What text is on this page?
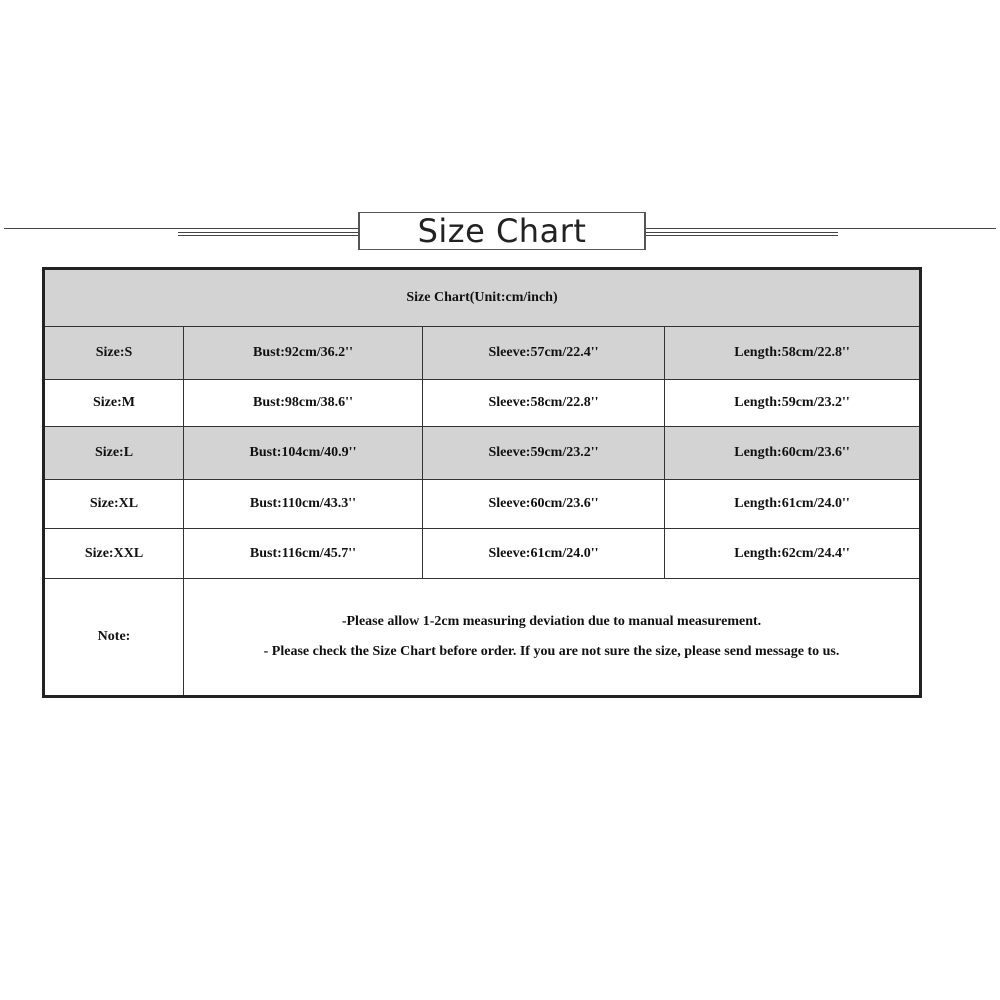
Size Chart
Size Chart(Unit:cm/inch)			
Size:S	Bust:92cm/36.2''	Sleeve:57cm/22.4''	Length:58cm/22.8''
Size:M	Bust:98cm/38.6''	Sleeve:58cm/22.8''	Length:59cm/23.2''
Size:L	Bust:104cm/40.9''	Sleeve:59cm/23.2''	Length:60cm/23.6''
Size:XL	Bust:110cm/43.3''	Sleeve:60cm/23.6''	Length:61cm/24.0''
Size:XXL	Bust:116cm/45.7''	Sleeve:61cm/24.0''	Length:62cm/24.4''
Note:	-Please allow 1-2cm measuring deviation due to manual measurement.
- Please check the Size Chart before order. If you are not sure the size, please send message to us.		
